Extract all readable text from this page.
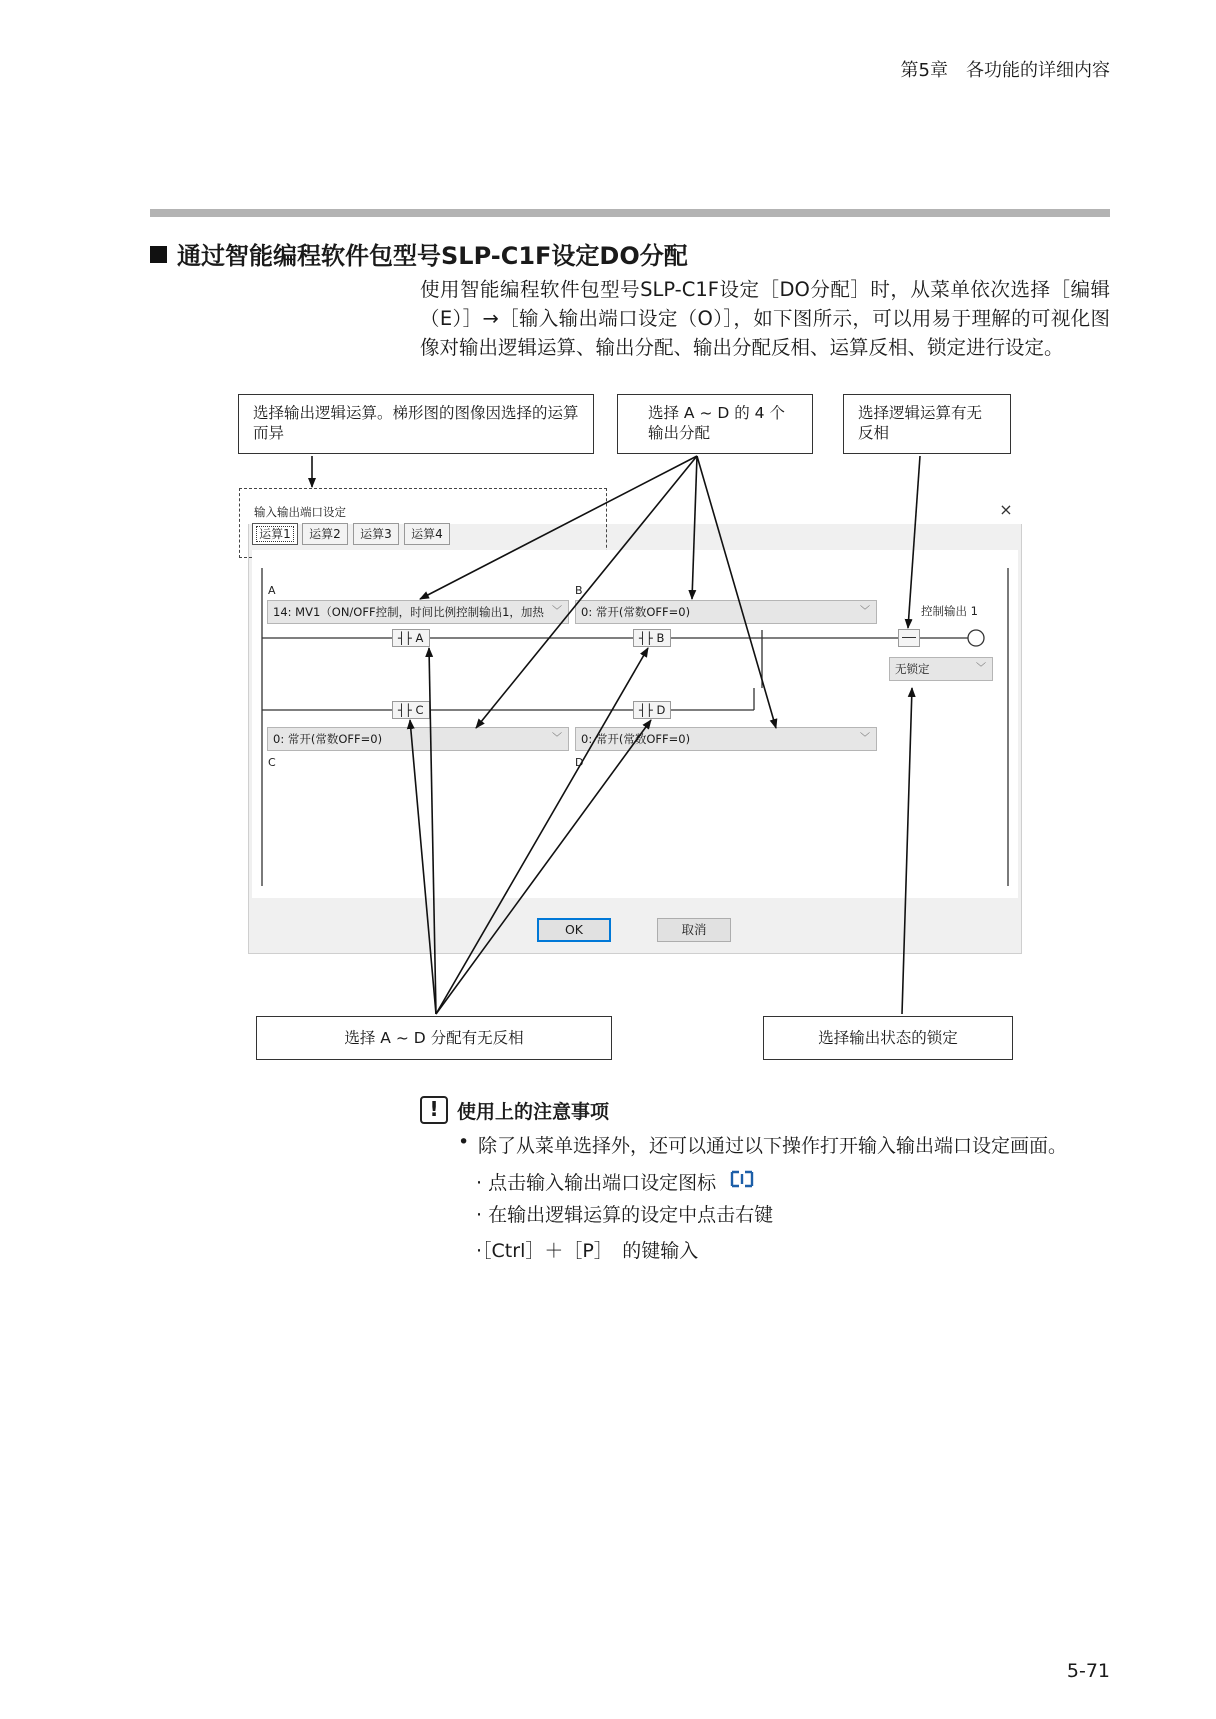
第5章　各功能的详细内容
通过智能编程软件包型号SLP-C1F设定DO分配
使用智能编程软件包型号SLP-C1F设定［DO分配］时，从菜单依次选择［编辑（E）］→［输入输出端口设定（O）］，如下图所示，可以用易于理解的可视化图像对输出逻辑运算、输出分配、输出分配反相、运算反相、锁定进行设定。
选择输出逻辑运算。梯形图的图像因选择的运算而异
选择 A ~ D 的 4 个输出分配
选择逻辑运算有无反相
输入输出端口设定	×
运算1	运算2	运算3	运算4
A	B
C	D
14: MV1（ON/OFF控制，时间比例控制输出1，加热 ﹀	0: 常开(常数OFF=0)	﹀
0: 常开(常数OFF=0)	﹀	0: 常开(常数OFF=0)	﹀
┤├ A	┤├ B
┤├ C	┤├ D
控制输出 1
无锁定	﹀
OK	取消
选择 A ~ D 分配有无反相	选择输出状态的锁定
! 使用上的注意事项
• 除了从菜单选择外，还可以通过以下操作打开输入输出端口设定画面。
· 点击输入输出端口设定图标
· 在输出逻辑运算的设定中点击右键
·［Ctrl］＋［P］　的键输入
5-71
